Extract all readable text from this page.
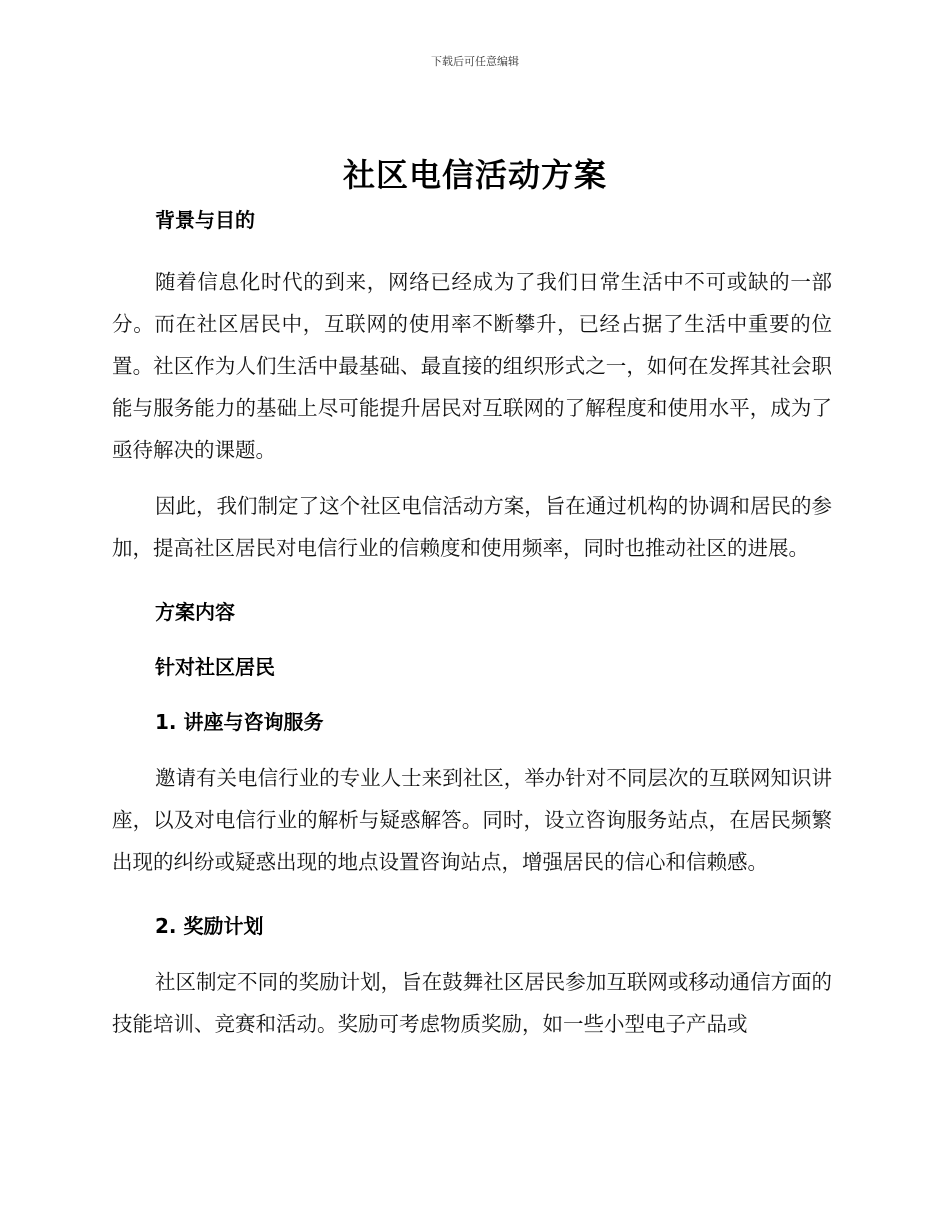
下载后可任意编辑
社区电信活动方案
背景与目的

随着信息化时代的到来，网络已经成为了我们日常生活中不可或缺的一部分。而在社区居民中，互联网的使用率不断攀升，已经占据了生活中重要的位置。社区作为人们生活中最基础、最直接的组织形式之一，如何在发挥其社会职能与服务能力的基础上尽可能提升居民对互联网的了解程度和使用水平，成为了亟待解决的课题。

因此，我们制定了这个社区电信活动方案，旨在通过机构的协调和居民的参加，提高社区居民对电信行业的信赖度和使用频率，同时也推动社区的进展。

方案内容
针对社区居民
1. 讲座与咨询服务

邀请有关电信行业的专业人士来到社区，举办针对不同层次的互联网知识讲座，以及对电信行业的解析与疑惑解答。同时，设立咨询服务站点，在居民频繁出现的纠纷或疑惑出现的地点设置咨询站点，增强居民的信心和信赖感。

2. 奖励计划

社区制定不同的奖励计划，旨在鼓舞社区居民参加互联网或移动通信方面的技能培训、竞赛和活动。奖励可考虑物质奖励，如一些小型电子产品或
